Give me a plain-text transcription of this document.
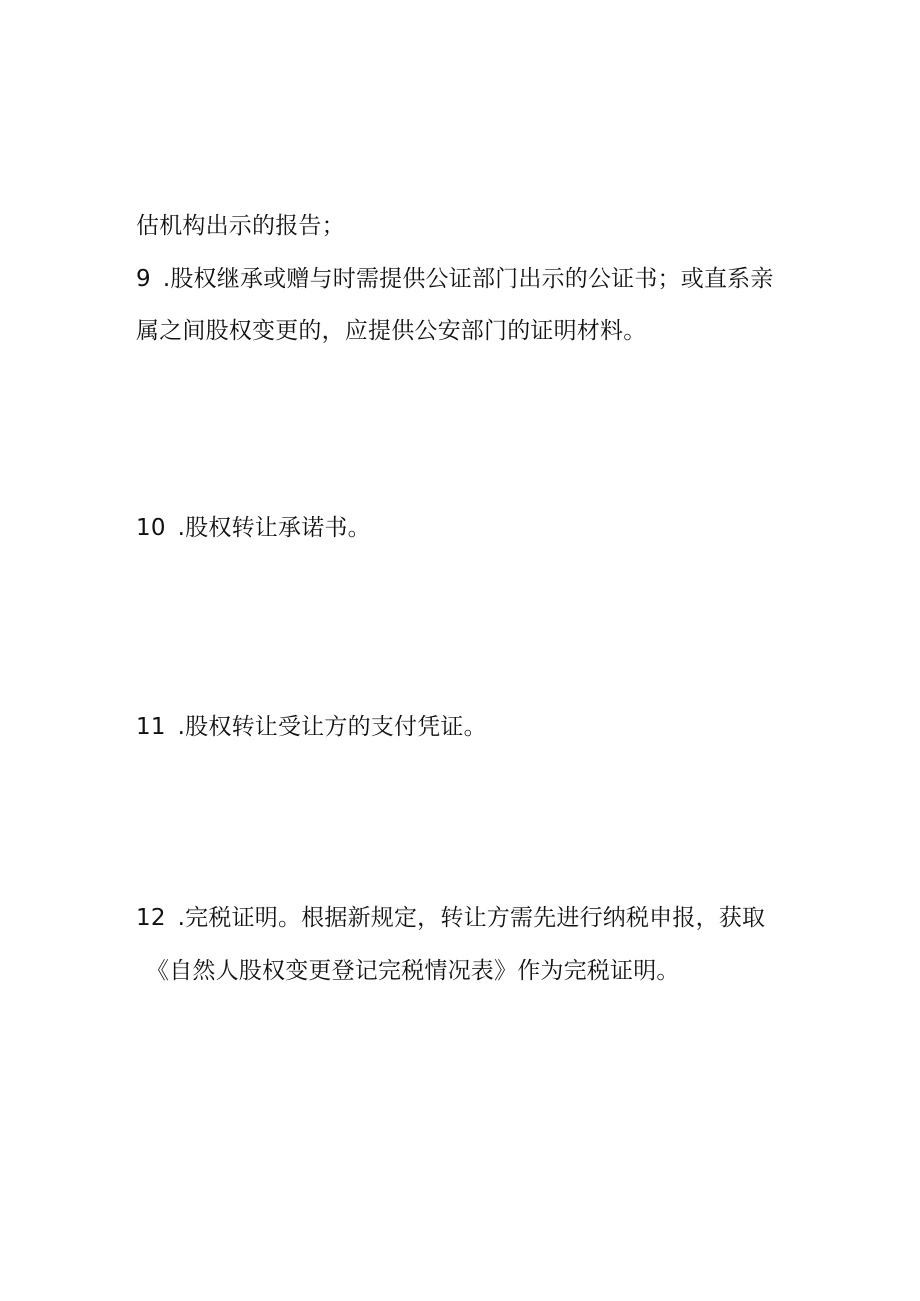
估机构出示的报告；
9 .股权继承或赠与时需提供公证部门出示的公证书；或直系亲
属之间股权变更的，应提供公安部门的证明材料。
10 .股权转让承诺书。
11 .股权转让受让方的支付凭证。
12 .完税证明。根据新规定，转让方需先进行纳税申报，获取
《自然人股权变更登记完税情况表》作为完税证明。
